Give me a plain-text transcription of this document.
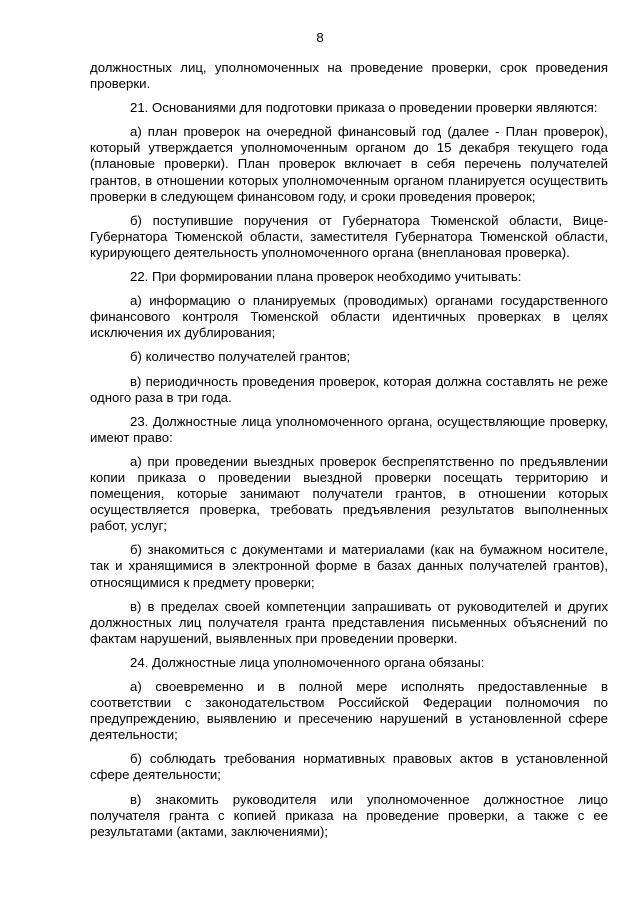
8

должностных лиц, уполномоченных на проведение проверки, срок проведения проверки.

21. Основаниями для подготовки приказа о проведении проверки являются:

а) план проверок на очередной финансовый год (далее - План проверок), который утверждается уполномоченным органом до 15 декабря текущего года (плановые проверки). План проверок включает в себя перечень получателей грантов, в отношении которых уполномоченным органом планируется осуществить проверки в следующем финансовом году, и сроки проведения проверок;

б) поступившие поручения от Губернатора Тюменской области, Вице-Губернатора Тюменской области, заместителя Губернатора Тюменской области, курирующего деятельность уполномоченного органа (внеплановая проверка).

22. При формировании плана проверок необходимо учитывать:

а) информацию о планируемых (проводимых) органами государственного финансового контроля Тюменской области идентичных проверках в целях исключения их дублирования;

б) количество получателей грантов;

в) периодичность проведения проверок, которая должна составлять не реже одного раза в три года.

23. Должностные лица уполномоченного органа, осуществляющие проверку, имеют право:

а) при проведении выездных проверок беспрепятственно по предъявлении копии приказа о проведении выездной проверки посещать территорию и помещения, которые занимают получатели грантов, в отношении которых осуществляется проверка, требовать предъявления результатов выполненных работ, услуг;

б) знакомиться с документами и материалами (как на бумажном носителе, так и хранящимися в электронной форме в базах данных получателей грантов), относящимися к предмету проверки;

в) в пределах своей компетенции запрашивать от руководителей и других должностных лиц получателя гранта представления письменных объяснений по фактам нарушений, выявленных при проведении проверки.

24. Должностные лица уполномоченного органа обязаны:

а) своевременно и в полной мере исполнять предоставленные в соответствии с законодательством Российской Федерации полномочия по предупреждению, выявлению и пресечению нарушений в установленной сфере деятельности;

б) соблюдать требования нормативных правовых актов в установленной сфере деятельности;

в) знакомить руководителя или уполномоченное должностное лицо получателя гранта с копией приказа на проведение проверки, а также с ее результатами (актами, заключениями);
